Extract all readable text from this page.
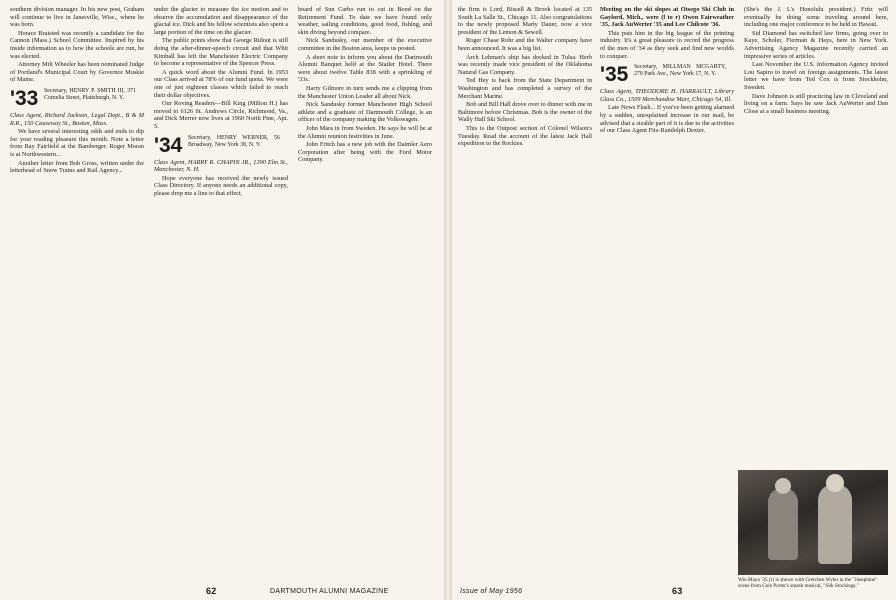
southern division manager. In his new post, Graham will continue to live in Janesville, Wisc., where he was born.

Horace Braisted was recently a candidate for the Cannon (Mass.) School Committee. Inspired by his inside information as to how the schools are run, he was elected.

Attorney Milt Wheeler has been nominated Judge of Portland's Municipal Court by Governor Muskie of Maine.

'33 Secretary, HENRY P. SMITH III, 371 Cornelia Street, Plattsburgh, N. Y.

Class Agent, Richard Jackson, Legal Dept., B & M R.R., 150 Causeway St., Boston, Mass.

We have several interesting odds and ends to dip for your reading pleasure this month. Note a letter from Ray Fairfield at the Bamberger. Roger Moran is at Northwestern...

Another letter from Bob Gross, written under the letterhead of Snow Trains and Rail Agency...

under the glacier to measure the ice motion and to observe the accumulation and disappearance of the glacial ice. Dick and his fellow scientists also spent a large portion of the time on the glacier.

The public prints show that George Ridout is still doing the after-dinner-speech circuit and that Whit Kimball has left the Manchester Electric Company to become a representative of the Spencer Press.

A quick word about the Alumni Fund. In 1953 our Class arrived at 78% of our fund quota. We were one of just eighteen classes which failed to reach their dollar objectives.

Our Roving Readers—Bill King (Milton H.) has moved to 6126 St. Andrews Circle, Richmond, Va., and Dick Merrer now lives at 1960 North Pine, Apt. 5.

'34 Secretary, HENRY WERNER, 56 Broadway, New York 38, N. Y.

Class Agent, HARRY R. CHAPIN JR., 1390 Elm St., Manchester, N. H.

Hope everyone has received the newly issued Class Directory. If anyone needs an additional copy, please drop me a line to that effect.

board of Sun Carbo run to cut in Bond on the Retirement Fund. To date we have found only weather, sailing conditions, good food, fishing, and skin diving beyond compare.

Nick Sandusky, our member of the executive committee in the Boston area, keeps us posted.

A short note to inform you about the Dartmouth Alumni Banquet held at the Statler Hotel. There were about twelve Table 838 with a sprinkling of '33s.

Harry Gilmore in turn sends me a clipping from the Manchester Union Leader all about Nick.

Nick Sandusky former Manchester High School athlete and a graduate of Dartmouth College, is an officer of the company making the Volkswagen.

John Mara in from Sweden. He says he will be at the Alumni reunion festivities in June.

John Fritch has a new job with the Daimler Aero Corporation after being with the Ford Motor Company.

62	DARTMOUTH ALUMNI MAGAZINE

the firm is Lord, Bissell & Brook located at 135 South La Salle St., Chicago 11. Also congratulations to the newly proposed Marty Dauer, now a vice president of the Lemon & Sewell.

Roger Chase Rohr and the Walter company have been announced. It was a big list.

Arch Lehman's ship has docked in Tulsa. Herb was recently made vice president of the Oklahoma Natural Gas Company.

Ted Hey is back from the State Department in Washington and has completed a survey of the Merchant Marine.

Bob and Bill Hall drove over to dinner with me in Baltimore before Christmas. Bob is the owner of the Wally Hall Ski School.

This is the Outpost section of Colonel Wilson's Tuesday. Read the account of the latest Jack Hall expedition to the Rockies.

Meeting on the ski slopes at Otsego Ski Club in Gaylord, Mich., were (l to r) Owen Fairweather '35, Jack AuWerter '35 and Lee Chilcote '36.

This puts him in the big league of the printing industry. It's a great pleasure to record the progress of the men of '34 as they seek and find new worlds to conquer.

'35 Secretary, MILLMAN MCGARTY, 270 Park Ave., New York 17, N. Y.

Class Agent, THEODORE H. HARRAULT, Library Glass Co., 1509 Merchandise Mart, Chicago 54, Ill.

Late News Flash... If you've been getting alarmed by a sudden, unexplained increase in our mail, be advised that a sizable part of it is due to the activities of our Class Agent Fitz-Randolph Dexter.

(She's the J. L's Honolulu president.) Fritz will eventually be doing some traveling around here, including one major conference to be held in Hawaii.

Sid Diamond has switched law firms, going over to Kaye, Scholer, Fierman & Hays, here in New York. Advertising Agency Magazine recently carried an impressive series of articles.

Last November the U.S. Information Agency invited Lou Sapiro to travel on foreign assignments. The latest letter we have from Ted Cox is from Stockholm, Sweden.

Dave Johnson is still practicing law in Cleveland and living on a farm. Says he saw Jack AuWerter and Dan Close at a small business meeting.

Win Mayo '35 (r) is shown with Gretchen Wyler in the "Josephine" scene from Cole Porter's smash musical, "Silk Stockings."
Issue of May 1956	63
